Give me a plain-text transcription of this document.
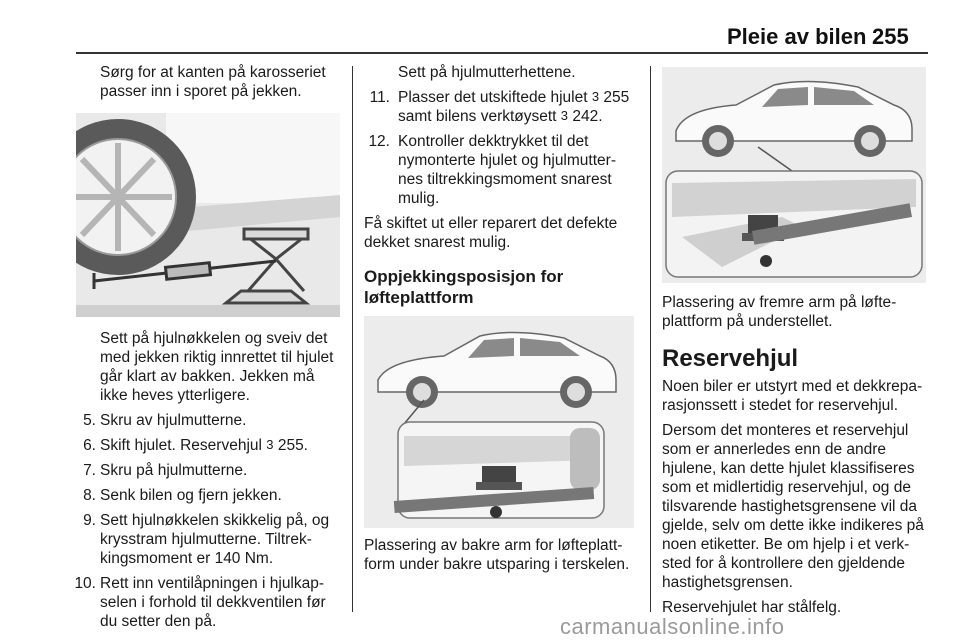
Pleie av bilen 255

Sørg for at kanten på karosseriet passer inn i sporet på jekken.

Sett på hjulnøkkelen og sveiv det med jekken riktig innrettet til hjulet går klart av bakken. Jekken må ikke heves ytterligere.

5. Skru av hjulmutterne.
6. Skift hjulet. Reservehjul 3 255.
7. Skru på hjulmutterne.
8. Senk bilen og fjern jekken.
9. Sett hjulnøkkelen skikkelig på, og krysstram hjulmutterne. Tiltrekkingsmoment er 140 Nm.
10. Rett inn ventilåpningen i hjulkapselen i forhold til dekkventilen før du setter den på.

Sett på hjulmutterhettene.

11. Plasser det utskiftede hjulet 3 255 samt bilens verktøysett 3 242.
12. Kontroller dekktrykket til det nymonterte hjulet og hjulmutternes tiltrekkingsmoment snarest mulig.

Få skiftet ut eller reparert det defekte dekket snarest mulig.

Oppjekkingsposisjon for løfteplattform

Plassering av bakre arm for løfteplattform under bakre utsparing i terskelen.

Plassering av fremre arm på løfteplattform på understellet.

Reservehjul

Noen biler er utstyrt med et dekkreparasjonssett i stedet for reservehjul.

Dersom det monteres et reservehjul som er annerledes enn de andre hjulene, kan dette hjulet klassifiseres som et midlertidig reservehjul, og de tilsvarende hastighetsgrensene vil da gjelde, selv om dette ikke indikeres på noen etiketter. Be om hjelp i et verksted for å kontrollere den gjeldende hastighetsgrensen.

Reservehjulet har stålfelg.

carmanualsonline.info
